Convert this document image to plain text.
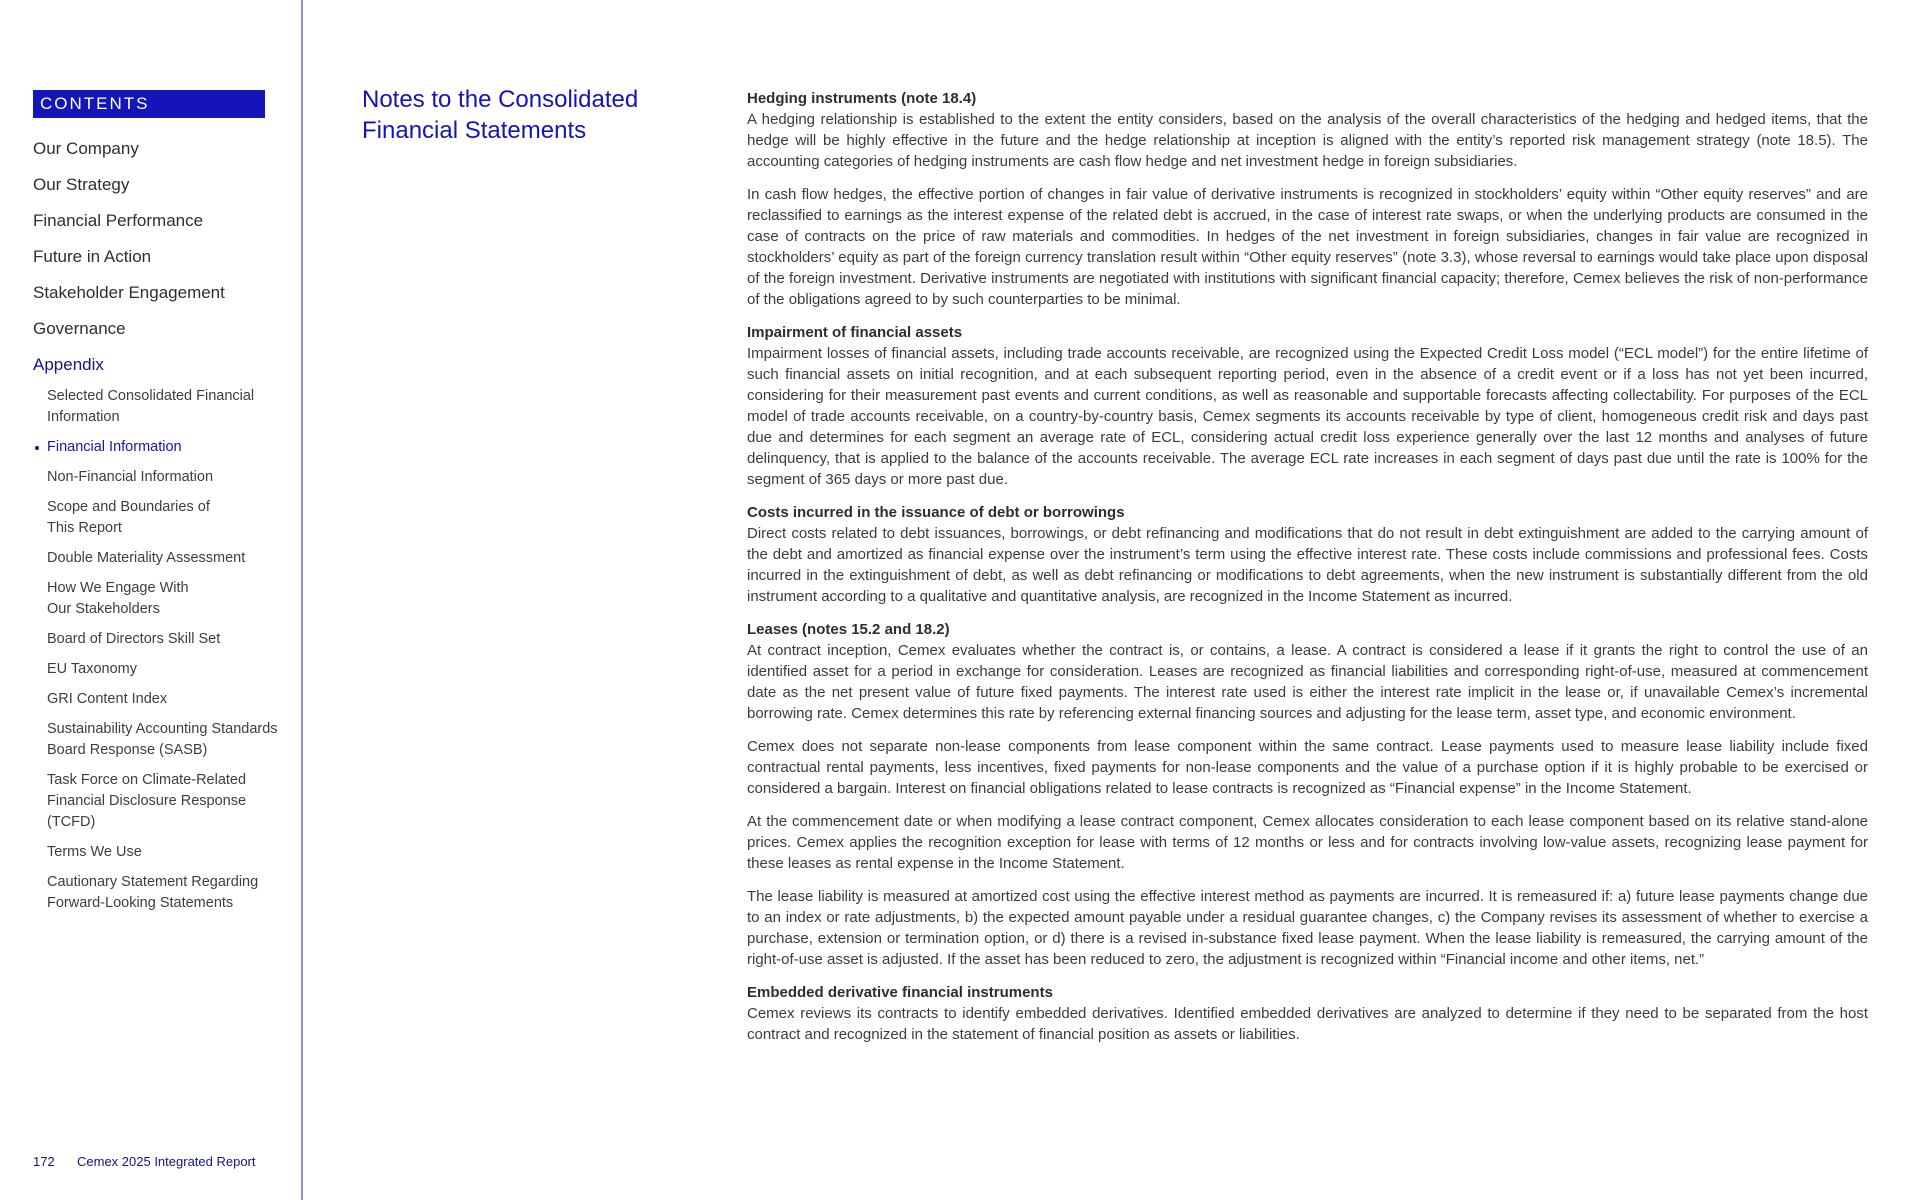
CONTENTS
Our Company
Our Strategy
Financial Performance
Future in Action
Stakeholder Engagement
Governance
Appendix
Selected Consolidated Financial Information
Financial Information
Non-Financial Information
Scope and Boundaries of This Report
Double Materiality Assessment
How We Engage With Our Stakeholders
Board of Directors Skill Set
EU Taxonomy
GRI Content Index
Sustainability Accounting Standards Board Response (SASB)
Task Force on Climate-Related Financial Disclosure Response (TCFD)
Terms We Use
Cautionary Statement Regarding Forward-Looking Statements
172 Cemex 2025 Integrated Report
Notes to the Consolidated Financial Statements
Hedging instruments (note 18.4)

A hedging relationship is established to the extent the entity considers, based on the analysis of the overall characteristics of the hedging and hedged items, that the hedge will be highly effective in the future and the hedge relationship at inception is aligned with the entity’s reported risk management strategy (note 18.5). The accounting categories of hedging instruments are cash flow hedge and net investment hedge in foreign subsidiaries.

In cash flow hedges, the effective portion of changes in fair value of derivative instruments is recognized in stockholders’ equity within “Other equity reserves” and are reclassified to earnings as the interest expense of the related debt is accrued, in the case of interest rate swaps, or when the underlying products are consumed in the case of contracts on the price of raw materials and commodities. In hedges of the net investment in foreign subsidiaries, changes in fair value are recognized in stockholders’ equity as part of the foreign currency translation result within “Other equity reserves” (note 3.3), whose reversal to earnings would take place upon disposal of the foreign investment. Derivative instruments are negotiated with institutions with significant financial capacity; therefore, Cemex believes the risk of non-performance of the obligations agreed to by such counterparties to be minimal.

Impairment of financial assets

Impairment losses of financial assets, including trade accounts receivable, are recognized using the Expected Credit Loss model (“ECL model”) for the entire lifetime of such financial assets on initial recognition, and at each subsequent reporting period, even in the absence of a credit event or if a loss has not yet been incurred, considering for their measurement past events and current conditions, as well as reasonable and supportable forecasts affecting collectability. For purposes of the ECL model of trade accounts receivable, on a country-by-country basis, Cemex segments its accounts receivable by type of client, homogeneous credit risk and days past due and determines for each segment an average rate of ECL, considering actual credit loss experience generally over the last 12 months and analyses of future delinquency, that is applied to the balance of the accounts receivable. The average ECL rate increases in each segment of days past due until the rate is 100% for the segment of 365 days or more past due.

Costs incurred in the issuance of debt or borrowings

Direct costs related to debt issuances, borrowings, or debt refinancing and modifications that do not result in debt extinguishment are added to the carrying amount of the debt and amortized as financial expense over the instrument’s term using the effective interest rate. These costs include commissions and professional fees. Costs incurred in the extinguishment of debt, as well as debt refinancing or modifications to debt agreements, when the new instrument is substantially different from the old instrument according to a qualitative and quantitative analysis, are recognized in the Income Statement as incurred.

Leases (notes 15.2 and 18.2)

At contract inception, Cemex evaluates whether the contract is, or contains, a lease. A contract is considered a lease if it grants the right to control the use of an identified asset for a period in exchange for consideration. Leases are recognized as financial liabilities and corresponding right-of-use, measured at commencement date as the net present value of future fixed payments. The interest rate used is either the interest rate implicit in the lease or, if unavailable Cemex’s incremental borrowing rate. Cemex determines this rate by referencing external financing sources and adjusting for the lease term, asset type, and economic environment.

Cemex does not separate non-lease components from lease component within the same contract. Lease payments used to measure lease liability include fixed contractual rental payments, less incentives, fixed payments for non-lease components and the value of a purchase option if it is highly probable to be exercised or considered a bargain. Interest on financial obligations related to lease contracts is recognized as “Financial expense” in the Income Statement.

At the commencement date or when modifying a lease contract component, Cemex allocates consideration to each lease component based on its relative stand-alone prices. Cemex applies the recognition exception for lease with terms of 12 months or less and for contracts involving low-value assets, recognizing lease payment for these leases as rental expense in the Income Statement.

The lease liability is measured at amortized cost using the effective interest method as payments are incurred. It is remeasured if: a) future lease payments change due to an index or rate adjustments, b) the expected amount payable under a residual guarantee changes, c) the Company revises its assessment of whether to exercise a purchase, extension or termination option, or d) there is a revised in-substance fixed lease payment. When the lease liability is remeasured, the carrying amount of the right-of-use asset is adjusted. If the asset has been reduced to zero, the adjustment is recognized within “Financial income and other items, net.”

Embedded derivative financial instruments

Cemex reviews its contracts to identify embedded derivatives. Identified embedded derivatives are analyzed to determine if they need to be separated from the host contract and recognized in the statement of financial position as assets or liabilities.
